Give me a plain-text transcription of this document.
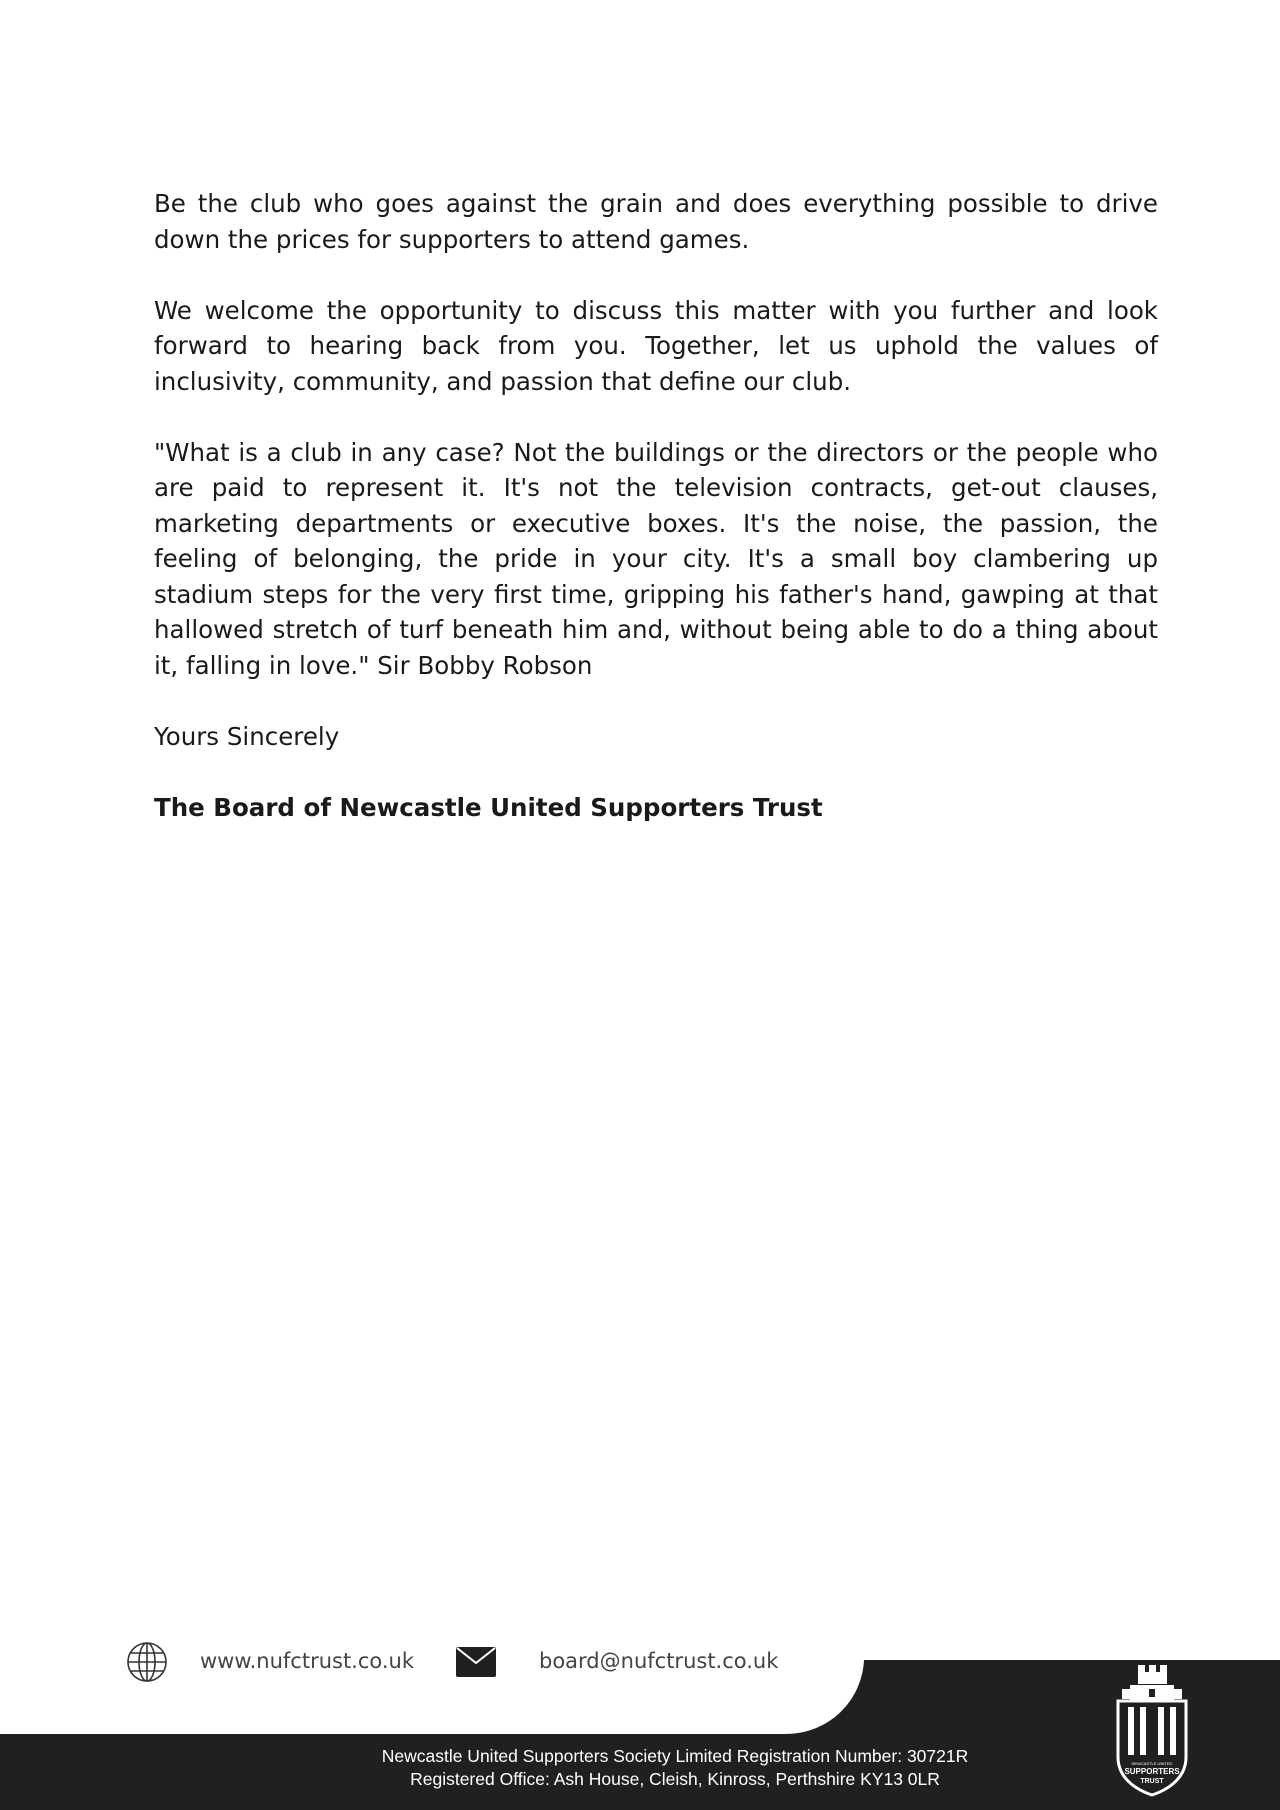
Be the club who goes against the grain and does everything possible to drive down the prices for supporters to attend games.

We welcome the opportunity to discuss this matter with you further and look forward to hearing back from you. Together, let us uphold the values of inclusivity, community, and passion that define our club.

"What is a club in any case? Not the buildings or the directors or the people who are paid to represent it. It's not the television contracts, get-out clauses, marketing departments or executive boxes. It's the noise, the passion, the feeling of belonging, the pride in your city. It's a small boy clambering up stadium steps for the very first time, gripping his father's hand, gawping at that hallowed stretch of turf beneath him and, without being able to do a thing about it, falling in love." Sir Bobby Robson

Yours Sincerely

The Board of Newcastle United Supporters Trust

www.nufctrust.co.uk	board@nufctrust.co.uk
Newcastle United Supporters Society Limited Registration Number: 30721R
Registered Office: Ash House, Cleish, Kinross, Perthshire KY13 0LR
NEWCASTLE UNITED
SUPPORTERS
TRUST
